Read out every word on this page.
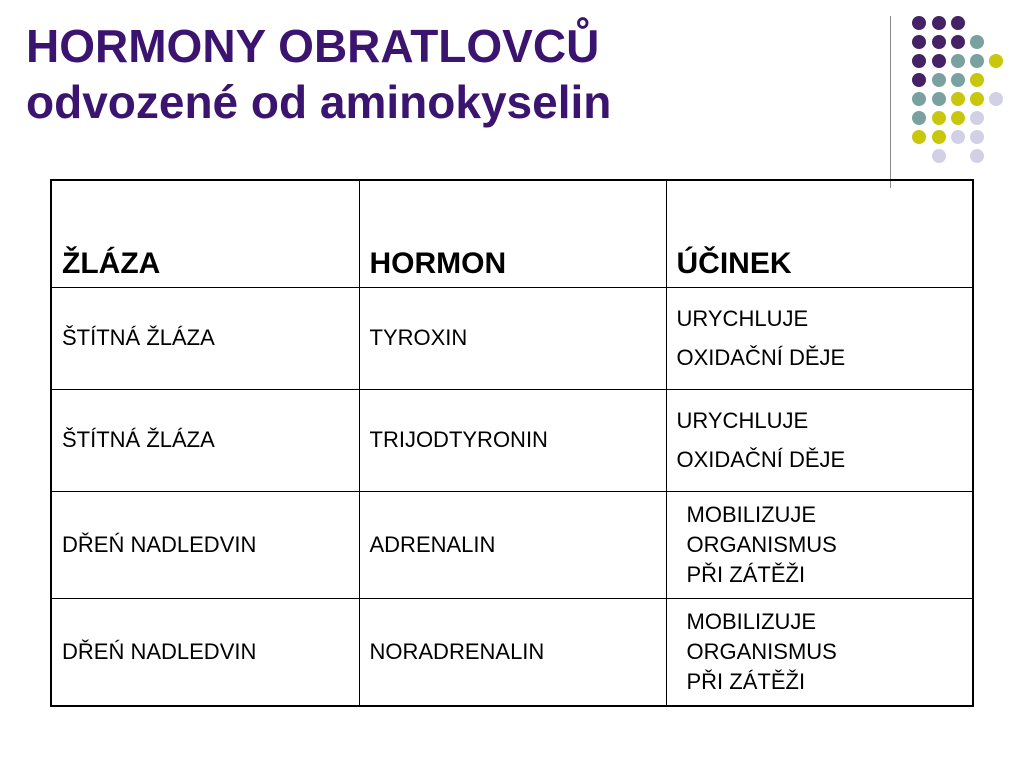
HORMONY OBRATLOVCŮ
odvozené od aminokyselin
ŽLÁZA	HORMON	ÚČINEK
ŠTÍTNÁ ŽLÁZA	TYROXIN	URYCHLUJE
OXIDAČNÍ DĚJE

ŠTÍTNÁ ŽLÁZA	TRIJODTYRONIN	URYCHLUJE
OXIDAČNÍ DĚJE

DŘEŃ NADLEDVIN	ADRENALIN	MOBILIZUJE
ORGANISMUS
PŘI ZÁTĚŽI

DŘEŃ NADLEDVIN	NORADRENALIN	MOBILIZUJE
ORGANISMUS
PŘI ZÁTĚŽI
